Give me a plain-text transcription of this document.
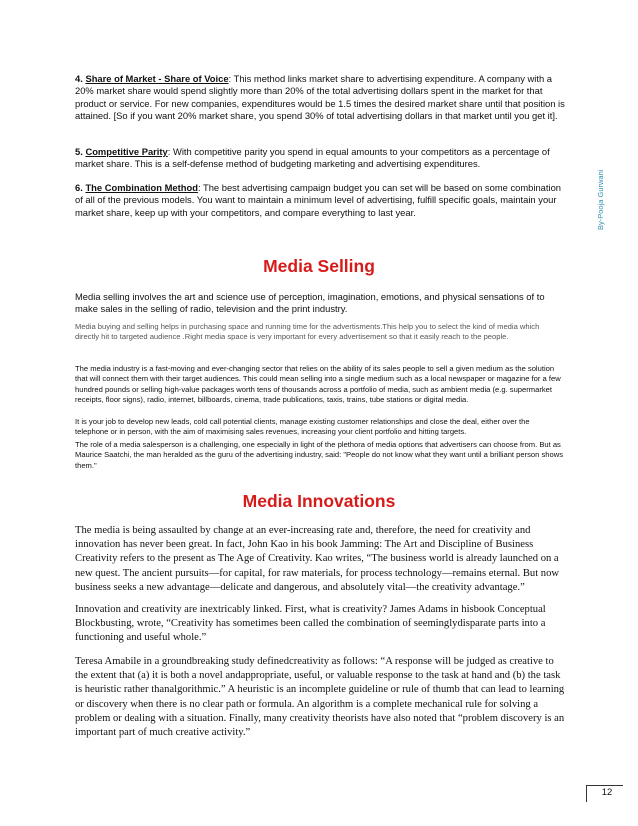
By-Pooja Gurwani

4. Share of Market - Share of Voice: This method links market share to advertising expenditure. A company with a 20% market share would spend slightly more than 20% of the total advertising dollars spent in the market for that product or service. For new companies, expenditures would be 1.5 times the desired market share until that position is attained. [So if you want 20% market share, you spend 30% of total advertising dollars in that market until you get it].

5. Competitive Parity: With competitive parity you spend in equal amounts to your competitors as a percentage of market share. This is a self-defense method of budgeting marketing and advertising expenditures.

6. The Combination Method: The best advertising campaign budget you can set will be based on some combination of all of the previous models. You want to maintain a minimum level of advertising, fulfill specific goals, maintain your market share, keep up with your competitors, and compare everything to last year.

Media Selling

Media selling involves the art and science use of perception, imagination, emotions, and physical sensations of to make sales in the selling of radio, television and the print industry.

Media buying and selling helps in purchasing space and running time for the advertisments.This help you to select the kind of media which directly hit to targeted audience .Right media space is very important for every advertisement so that it easily reach to the people.

The media industry is a fast-moving and ever-changing sector that relies on the ability of its sales people to sell a given medium as the solution that will connect them with their target audiences. This could mean selling into a single medium such as a local newspaper or magazine for a few hundred pounds or selling high-value packages worth tens of thousands across a portfolio of media, such as ambient media (e.g. supermarket receipts, floor signs), radio, internet, billboards, cinema, trade publications, taxis, trains, tube stations or digital media.

It is your job to develop new leads, cold call potential clients, manage existing customer relationships and close the deal, either over the telephone or in person, with the aim of maximising sales revenues, increasing your client portfolio and hitting targets.

The role of a media salesperson is a challenging, one especially in light of the plethora of media options that advertisers can choose from. But as Maurice Saatchi, the man heralded as the guru of the advertising industry, said: "People do not know what they want until a brilliant person shows them."

Media Innovations

The media is being assaulted by change at an ever-increasing rate and, therefore, the need for creativity and innovation has never been great. In fact, John Kao in his book Jamming: The Art and Discipline of Business Creativity refers to the present as The Age of Creativity. Kao writes, “The business world is already launched on a new quest. The ancient pursuits—for capital, for raw materials, for process technology—remains eternal. But now business seeks a new advantage—delicate and dangerous, and absolutely vital—the creativity advantage.”

Innovation and creativity are inextricably linked. First, what is creativity? James Adams in hisbook Conceptual Blockbusting, wrote, “Creativity has sometimes been called the combination of seeminglydisparate parts into a functioning and useful whole.”

Teresa Amabile in a groundbreaking study definedcreativity as follows: “A response will be judged as creative to the extent that (a) it is both a novel andappropriate, useful, or valuable response to the task at hand and (b) the task is heuristic rather thanalgorithmic.” A heuristic is an incomplete guideline or rule of thumb that can lead to learning or discovery when there is no clear path or formula. An algorithm is a complete mechanical rule for solving a problem or dealing with a situation. Finally, many creativity theorists have also noted that “problem discovery is an important part of much creative activity.”

12
